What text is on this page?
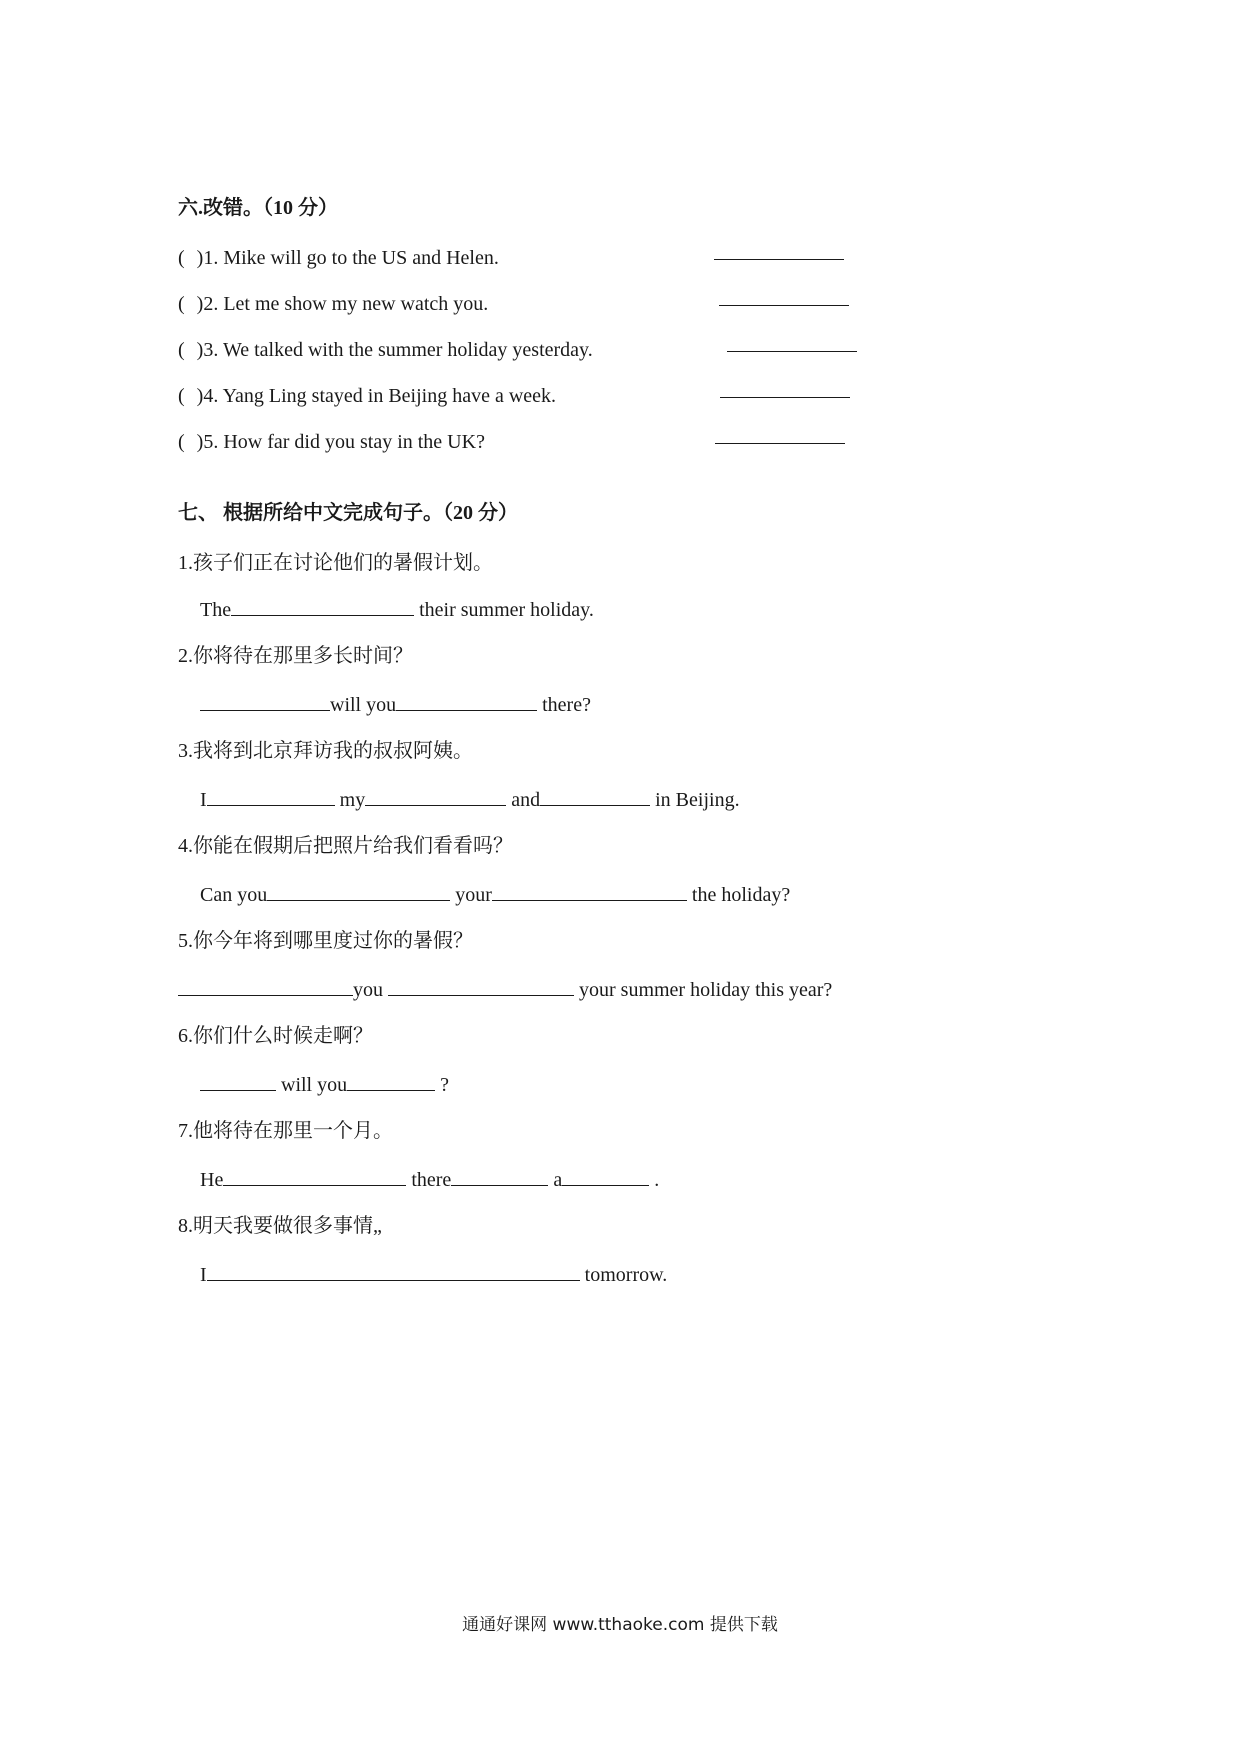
六.改错。（10 分）
( )1. Mike will go to the US and Helen.
( )2. Let me show my new watch you.
( )3. We talked with the summer holiday yesterday.
( )4. Yang Ling stayed in Beijing have a week.
( )5. How far did you stay in the UK?
七、 根据所给中文完成句子。（20 分）
1.孩子们正在讨论他们的暑假计划。
The	their summer holiday.
2.你将待在那里多长时间？
will you	there?
3.我将到北京拜访我的叔叔阿姨。
I	my	and	in Beijing.
4.你能在假期后把照片给我们看看吗？
Can you	your	the holiday?
5.你今年将到哪里度过你的暑假？
you	your summer holiday this year?
6.你们什么时候走啊？
will you	?
7.他将待在那里一个月。
He	there	a	.
8.明天我要做很多事情„
I	tomorrow.
通通好课网 www.tthaoke.com 提供下载
